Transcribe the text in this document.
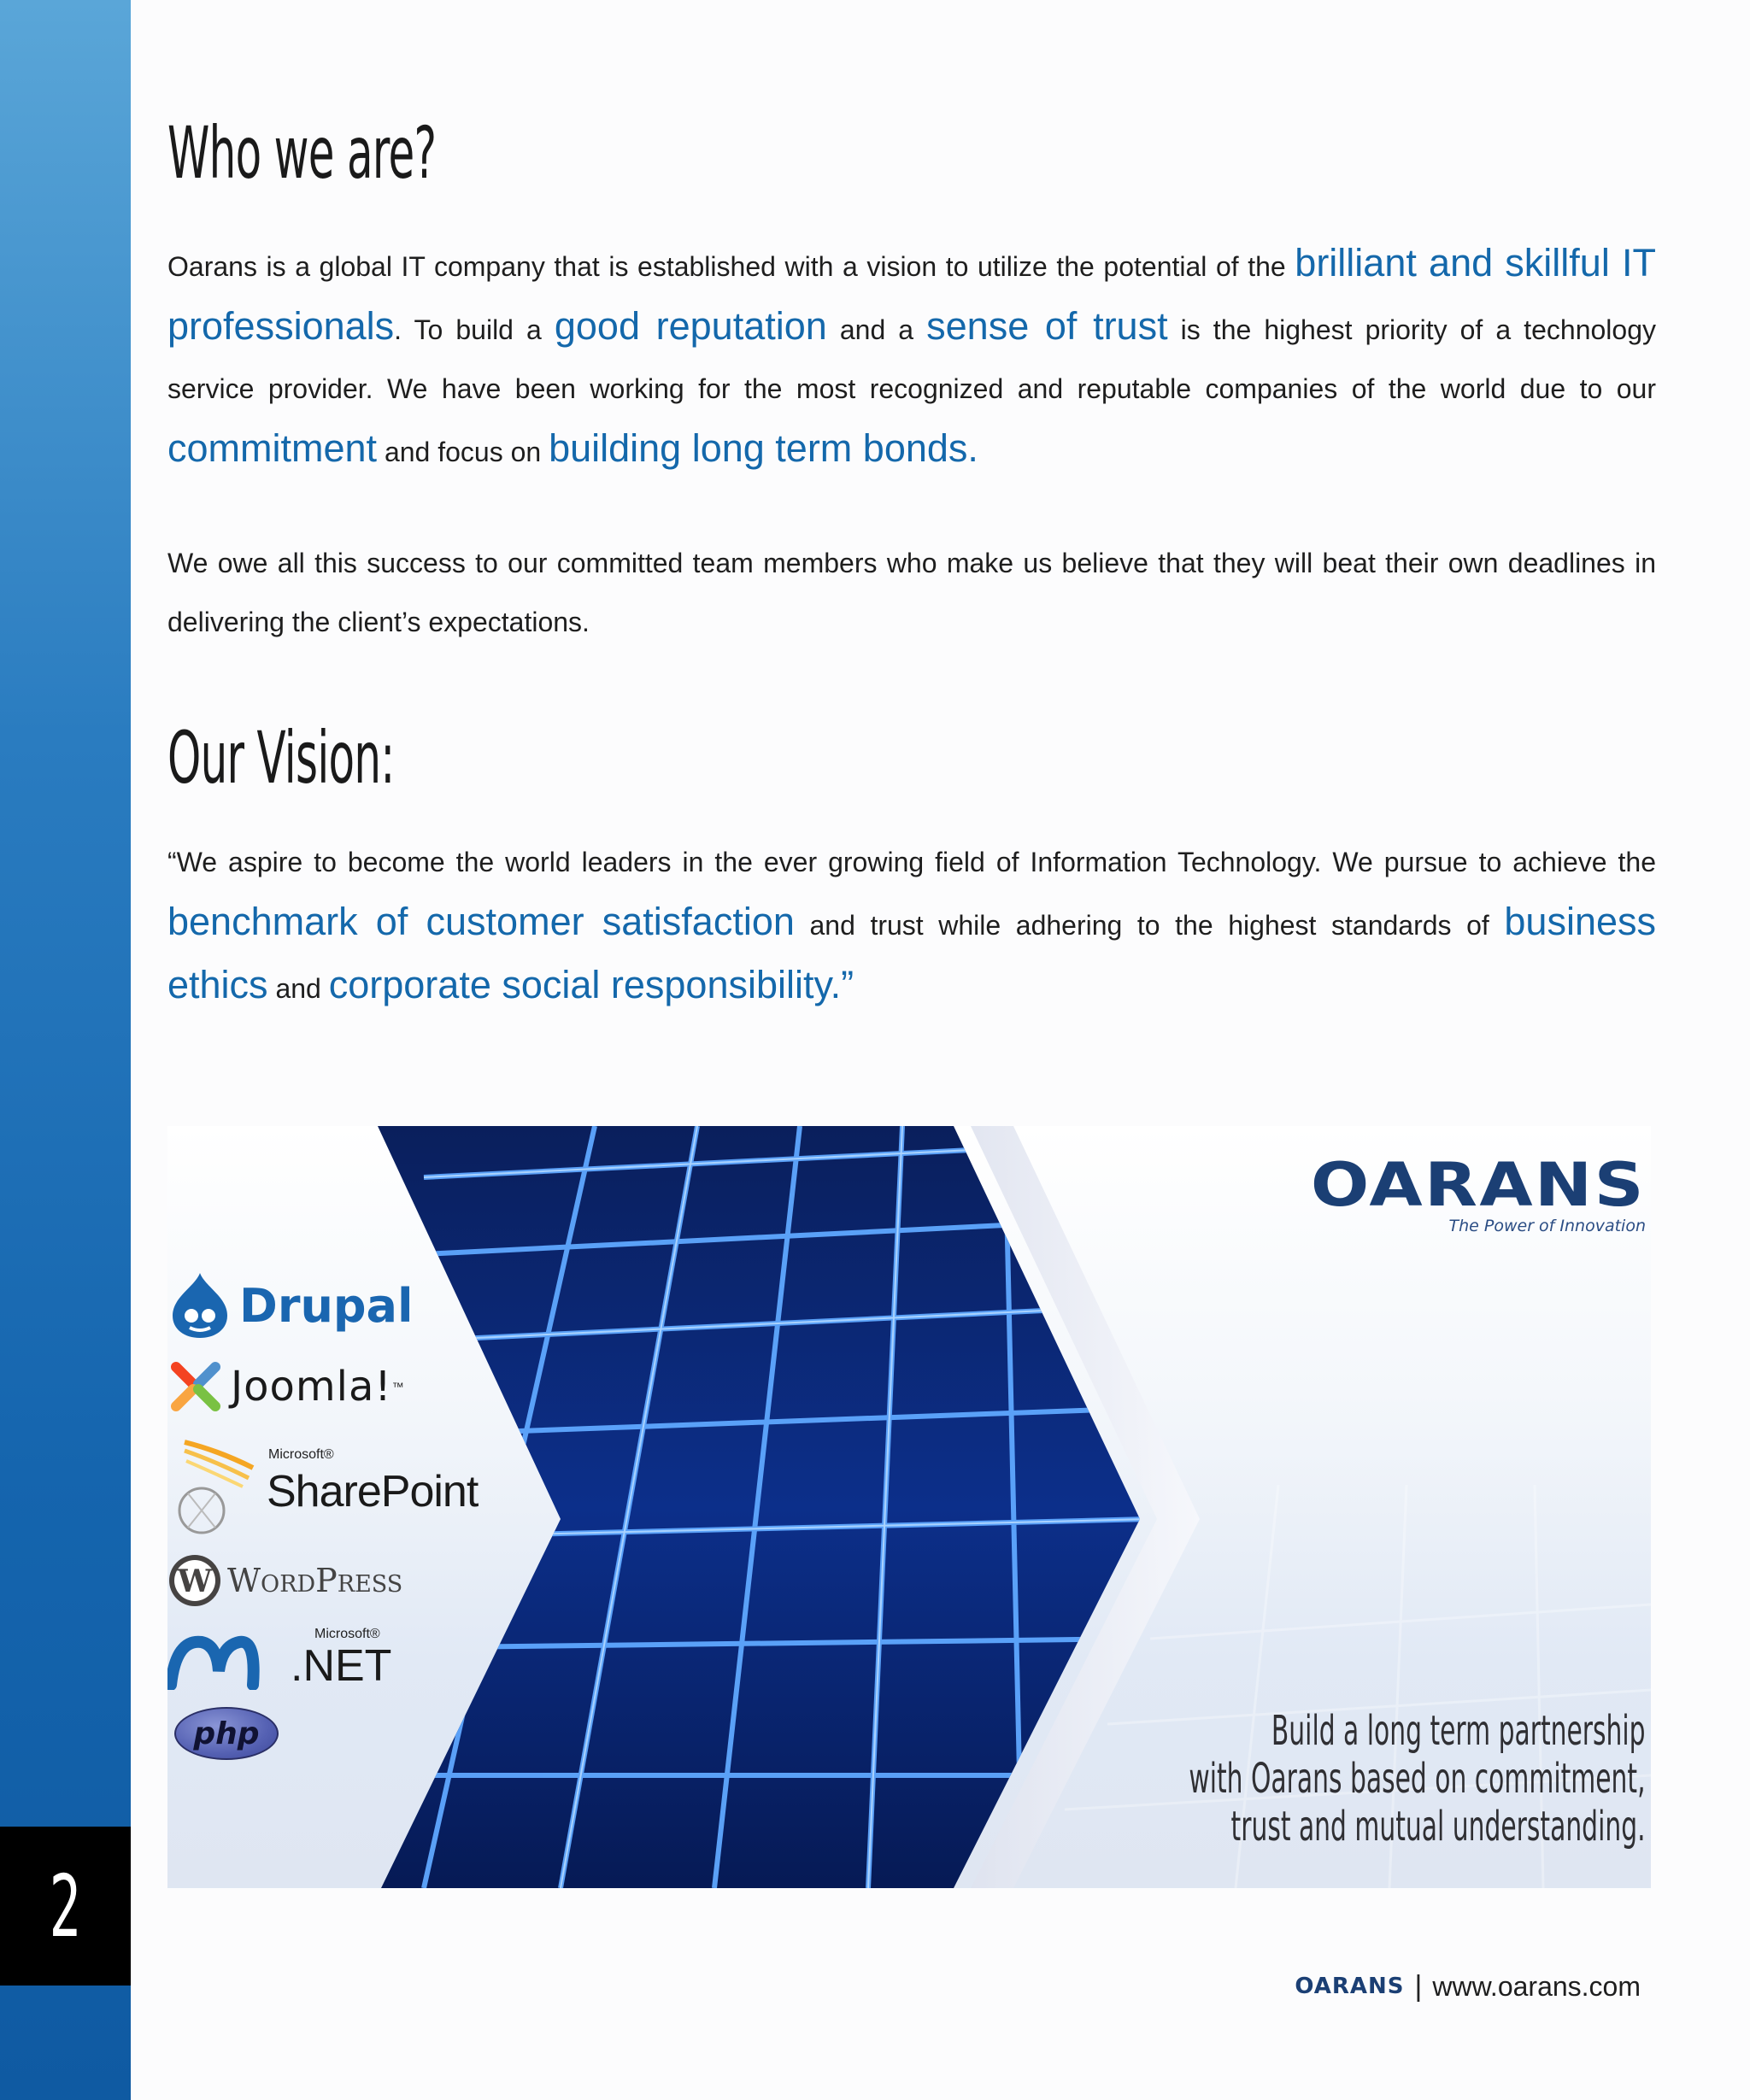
2
Who we are?

Oarans is a global IT company that is established with a vision to utilize the potential of the brilliant and skillful IT professionals. To build a good reputation and a sense of trust is the highest priority of a technology service provider. We have been working for the most recognized and reputable companies of the world due to our commitment and focus on building long term bonds.

We owe all this success to our committed team members who make us believe that they will beat their own deadlines in delivering the client’s expectations.

Our Vision:

“We aspire to become the world leaders in the ever growing field of Information Technology. We pursue to achieve the benchmark of customer satisfaction and trust while adhering to the highest standards of business ethics and corporate social responsibility.”

OARANS
The Power of Innovation
Build a long term partnership
with Oarans based on commitment,
trust and mutual understanding.
Drupal
Joomla! ™
Microsoft®
SharePoint
W WordPress
Microsoft®
.NET
php
OARANS | www.oarans.com
